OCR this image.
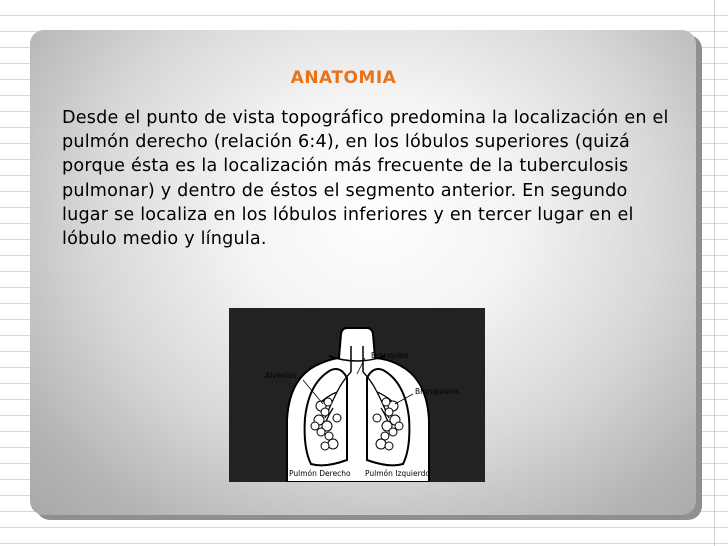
ANATOMIA

Desde el punto de vista topográfico predomina la localización en el pulmón derecho (relación 6:4), en los lóbulos superiores (quizá porque ésta es la localización más frecuente de la tuberculosis pulmonar) y dentro de éstos el segmento anterior. En segundo lugar se localiza en los lóbulos inferiores y en tercer lugar en el lóbulo medio y língula.

Bronquios
Alveolos
Bronquiolos
Pulmón Derecho Pulmón Izquierdo
